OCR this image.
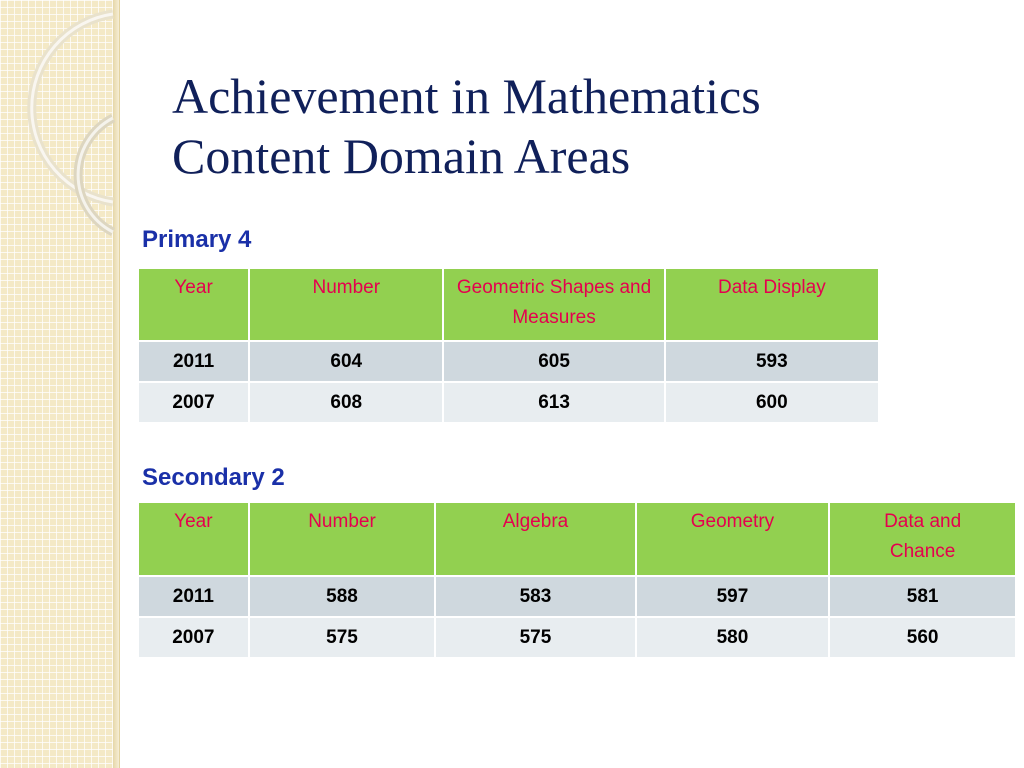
Achievement in Mathematics
Content Domain Areas
Primary 4
Year	Number	Geometric Shapes and Measures	Data Display
2011	604	605	593
2007	608	613	600
Secondary 2
Year	Number	Algebra	Geometry	Data and Chance
2011	588	583	597	581
2007	575	575	580	560
